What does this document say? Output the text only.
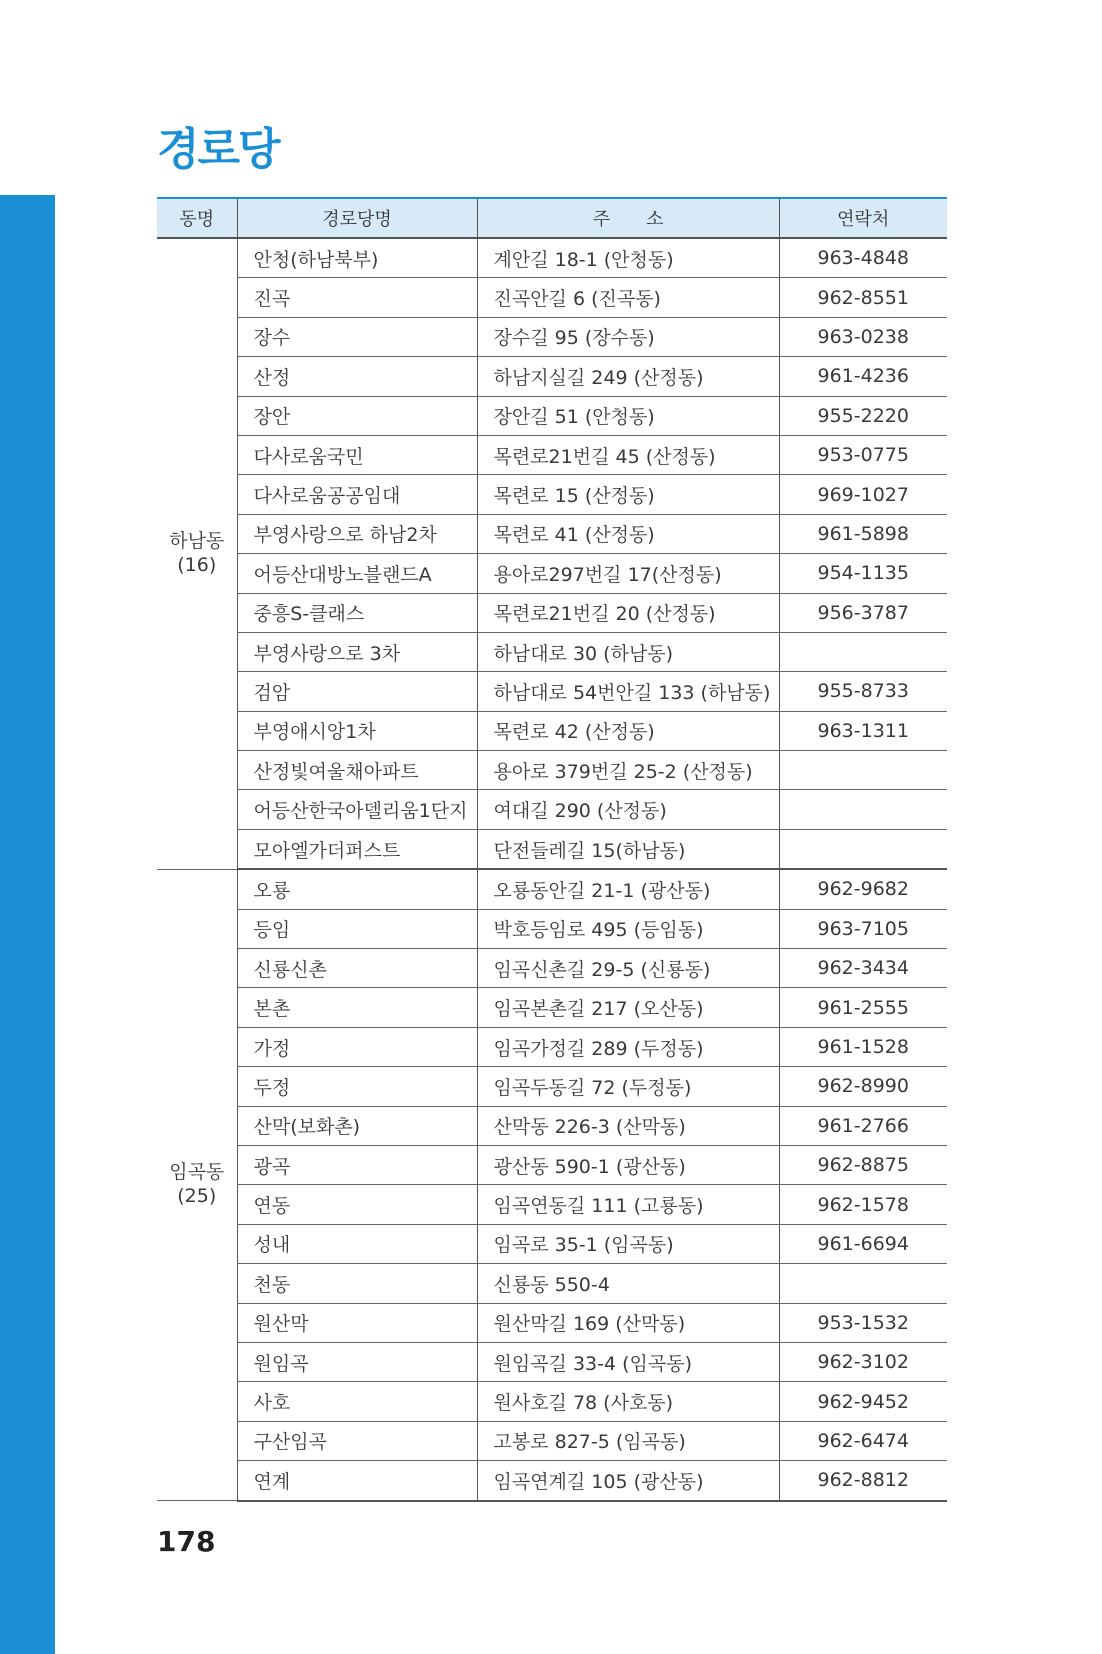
경로당
동명	경로당명	주　　소	연락처

하남동
(16)	안청(하남북부)	계안길 18-1 (안청동)	963-4848
	진곡	진곡안길 6 (진곡동)	962-8551
	장수	장수길 95 (장수동)	963-0238
	산정	하남지실길 249 (산정동)	961-4236
	장안	장안길 51 (안청동)	955-2220
	다사로움국민	목련로21번길 45 (산정동)	953-0775
	다사로움공공임대	목련로 15 (산정동)	969-1027
	부영사랑으로 하남2차	목련로 41 (산정동)	961-5898
	어등산대방노블랜드A	용아로297번길 17(산정동)	954-1135
	중흥S-클래스	목련로21번길 20 (산정동)	956-3787
	부영사랑으로 3차	하남대로 30 (하남동)	
	검암	하남대로 54번안길 133 (하남동)	955-8733
	부영애시앙1차	목련로 42 (산정동)	963-1311
	산정빛여울채아파트	용아로 379번길 25-2 (산정동)	
	어등산한국아델리움1단지	여대길 290 (산정동)	
	모아엘가더퍼스트	단전들레길 15(하남동)	

임곡동
(25)	오룡	오룡동안길 21-1 (광산동)	962-9682
	등임	박호등임로 495 (등임동)	963-7105
	신룡신촌	임곡신촌길 29-5 (신룡동)	962-3434
	본촌	임곡본촌길 217 (오산동)	961-2555
	가정	임곡가정길 289 (두정동)	961-1528
	두정	임곡두동길 72 (두정동)	962-8990
	산막(보화촌)	산막동 226-3 (산막동)	961-2766
	광곡	광산동 590-1 (광산동)	962-8875
	연동	임곡연동길 111 (고룡동)	962-1578
	성내	임곡로 35-1 (임곡동)	961-6694
	천동	신룡동 550-4	
	원산막	원산막길 169 (산막동)	953-1532
	원임곡	원임곡길 33-4 (임곡동)	962-3102
	사호	원사호길 78 (사호동)	962-9452
	구산임곡	고봉로 827-5 (임곡동)	962-6474
	연계	임곡연계길 105 (광산동)	962-8812
178
